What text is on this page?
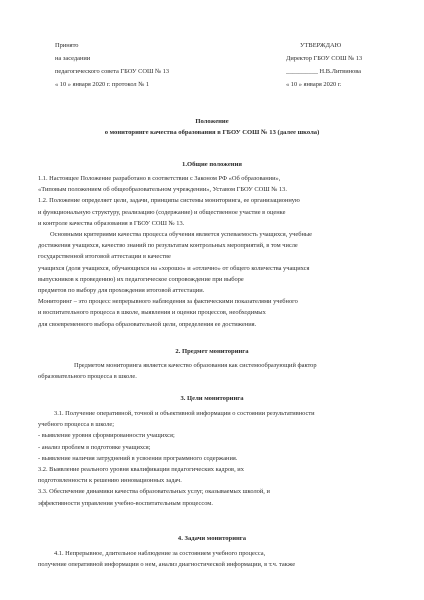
Принято
на заседании
педагогического совета ГБОУ СОШ № 13
« 10 » января 2020 г. протокол № 1
УТВЕРЖДАЮ
Директор ГБОУ СОШ № 13
__________ Н.В.Литвинова
« 10 » января 2020 г.
Положение
о мониторинге качества образования в ГБОУ СОШ № 13 (далее школа)
1.Общие положения
1.1. Настоящее Положение разработано в соответствии с Законом РФ «Об образовании»,
«Типовым положением об общеобразовательном учреждении», Уставом ГБОУ СОШ № 13.
1.2. Положение определяет цели, задачи, принципы системы мониторинга, ее организационную
и функциональную структуру, реализацию (содержание) и общественное участие в оценке
и контроле качества образования в ГБОУ СОШ № 13.
Основными критериями качества процесса обучения является успеваемость учащихся, учебные
достижения учащихся, качество знаний по результатам контрольных мероприятий, в том числе
государственной итоговой аттестации в качестве
учащихся (доля учащихся, обучающихся на «хорошо» и «отлично» от общего количества учащихся
выпускников к проведению) их педагогическое сопровождение при выборе
предметов по выбору для прохождения итоговой аттестации.
Мониторинг – это процесс непрерывного наблюдения за фактическими показателями учебного
и воспитательного процесса в школе, выявления и оценки процессов, необходимых
для своевременного выбора образовательной цели, определения ее достижения.
2. Предмет мониторинга
Предметом мониторинга является качество образования как системообразующий фактор
образовательного процесса в школе.
3. Цели мониторинга
3.1. Получение оперативной, точной и объективной информации о состоянии результативности
учебного процесса в школе;
- выявление уровня сформированности учащихся;
- анализ проблем в подготовке учащихся;
- выявление наличия затруднений в усвоении программного содержания.
3.2. Выявление реального уровня квалификации педагогических кадров, их
подготовленности к решению инновационных задач.
3.3. Обеспечение динамики качества образовательных услуг, оказываемых школой, и
эффективности управления учебно-воспитательным процессом.
4. Задачи мониторинга
4.1. Непрерывное, длительное наблюдение за состоянием учебного процесса,
получение оперативной информации о нем, анализ диагностической информации, в т.ч. также
